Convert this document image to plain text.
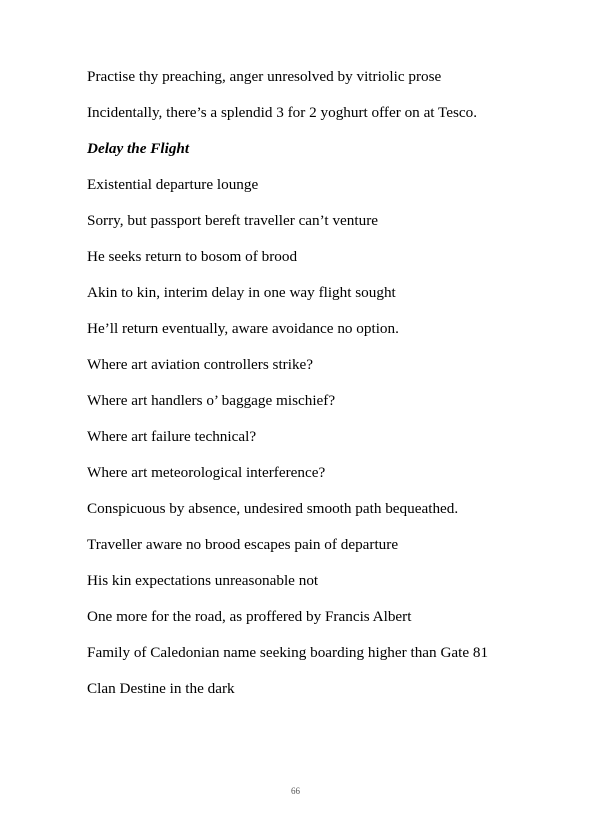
Practise thy preaching, anger unresolved by vitriolic prose

Incidentally, there’s a splendid 3 for 2 yoghurt offer on at Tesco.

Delay the Flight

Existential departure lounge

Sorry, but passport bereft traveller can’t venture

He seeks return to bosom of brood

Akin to kin, interim delay in one way flight sought

He’ll return eventually, aware avoidance no option.

Where art aviation controllers strike?

Where art handlers o’ baggage mischief?

Where art failure technical?

Where art meteorological interference?

Conspicuous by absence, undesired smooth path bequeathed.

Traveller aware no brood escapes pain of departure

His kin expectations unreasonable not

One more for the road, as proffered by Francis Albert

Family of Caledonian name seeking boarding higher than Gate 81

Clan Destine in the dark

66
